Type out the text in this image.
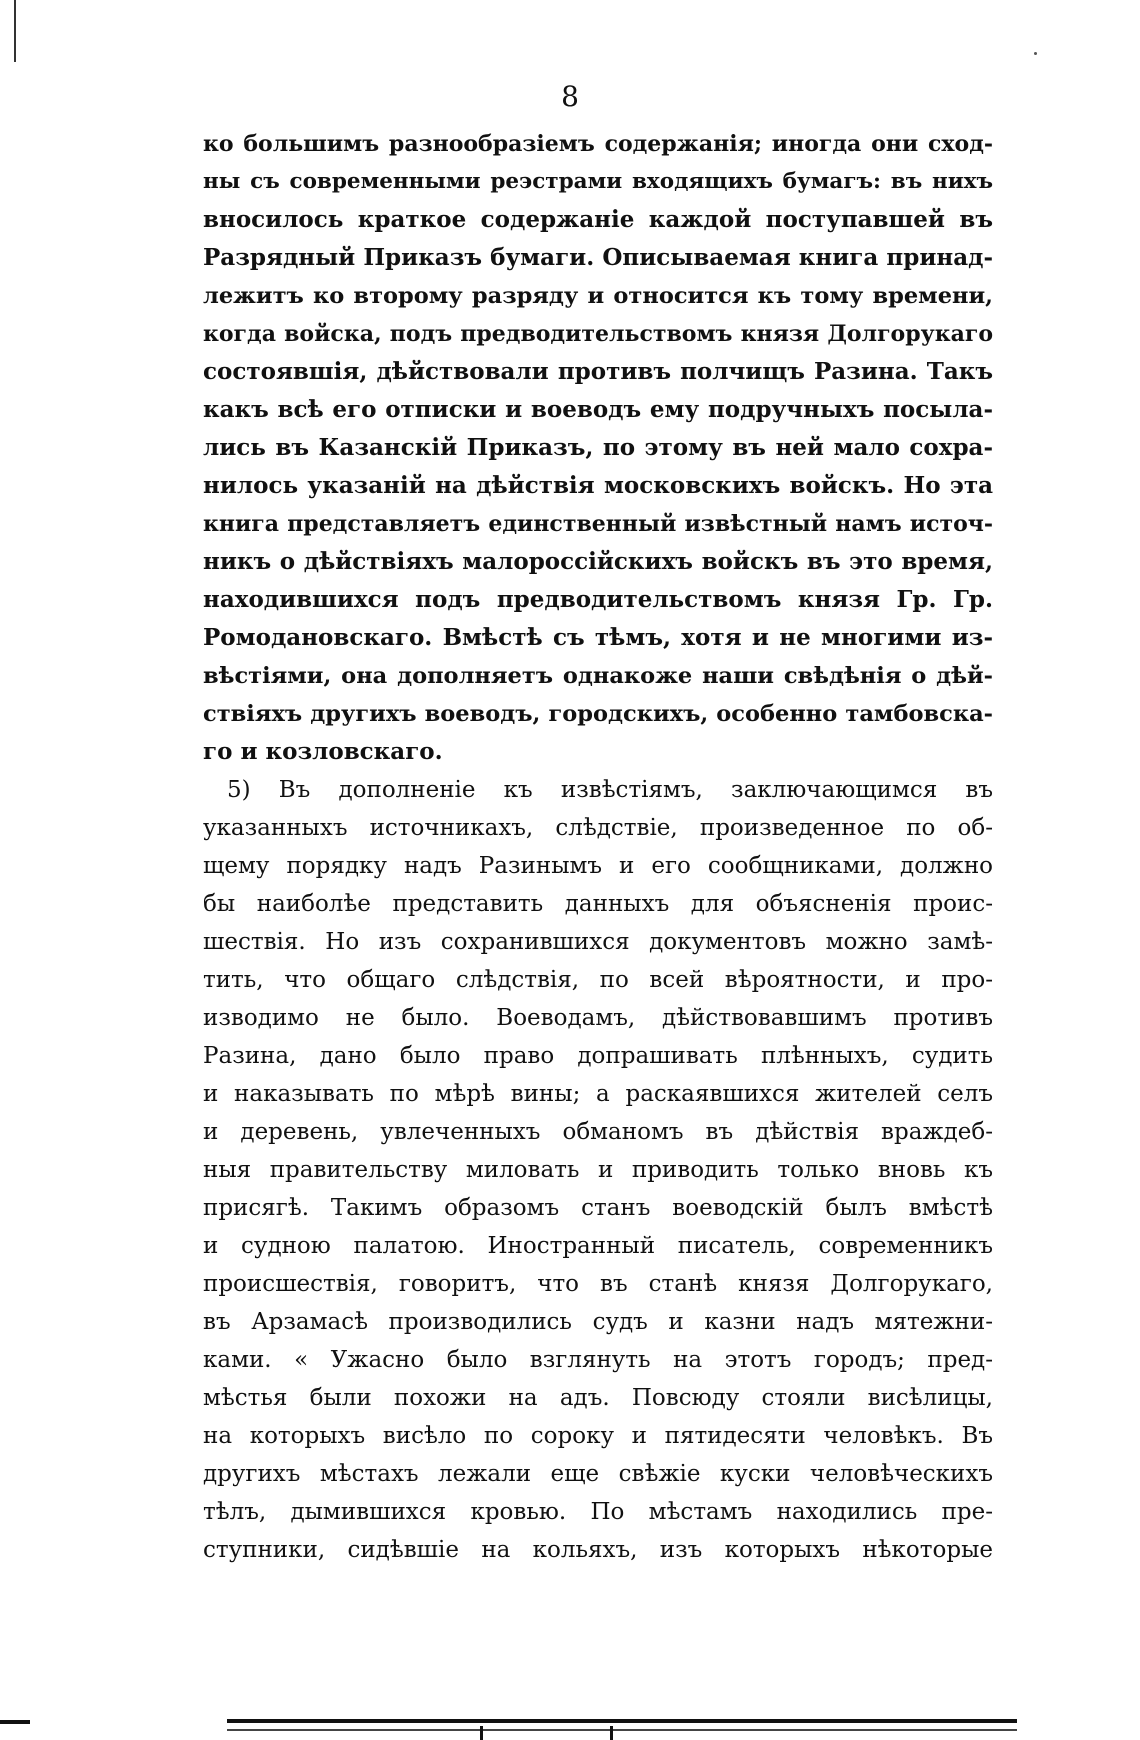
8
ко большимъ разнообразіемъ содержанія; иногда они сход-
ны съ современными реэстрами входящихъ бумагъ: въ нихъ
вносилось краткое содержаніе каждой поступавшей въ
Разрядный Приказъ бумаги. Описываемая книга принад-
лежитъ ко второму разряду и относится къ тому времени,
когда войска, подъ предводительствомъ князя Долгорукаго
состоявшія, дѣйствовали противъ полчищъ Разина. Такъ
какъ всѣ его отписки и воеводъ ему подручныхъ посыла-
лись въ Казанскій Приказъ, по этому въ ней мало сохра-
нилось указаній на дѣйствія московскихъ войскъ. Но эта
книга представляетъ единственный извѣстный намъ источ-
никъ о дѣйствіяхъ малороссійскихъ войскъ въ это время,
находившихся подъ предводительствомъ князя Гр. Гр.
Ромодановскаго. Вмѣстѣ съ тѣмъ, хотя и не многими из-
вѣстіями, она дополняетъ однакоже наши свѣдѣнія о дѣй-
ствіяхъ другихъ воеводъ, городскихъ, особенно тамбовска-
го и козловскаго.
5) Въ дополненіе къ извѣстіямъ, заключающимся въ
указанныхъ источникахъ, слѣдствіе, произведенное по об-
щему порядку надъ Разинымъ и его сообщниками, должно
бы наиболѣе представить данныхъ для объясненія проис-
шествія. Но изъ сохранившихся документовъ можно замѣ-
тить, что общаго слѣдствія, по всей вѣроятности, и про-
изводимо не было. Воеводамъ, дѣйствовавшимъ противъ
Разина, дано было право допрашивать плѣнныхъ, судить
и наказывать по мѣрѣ вины; а раскаявшихся жителей селъ
и деревень, увлеченныхъ обманомъ въ дѣйствія враждеб-
ныя правительству миловать и приводить только вновь къ
присягѣ. Такимъ образомъ станъ воеводскій былъ вмѣстѣ
и судною палатою. Иностранный писатель, современникъ
происшествія, говоритъ, что въ станѣ князя Долгорукаго,
въ Арзамасѣ производились судъ и казни надъ мятежни-
ками. « Ужасно было взглянуть на этотъ городъ; пред-
мѣстья были похожи на адъ. Повсюду стояли висѣлицы,
на которыхъ висѣло по сороку и пятидесяти человѣкъ. Въ
другихъ мѣстахъ лежали еще свѣжіе куски человѣческихъ
тѣлъ, дымившихся кровью. По мѣстамъ находились пре-
ступники, сидѣвшіе на кольяхъ, изъ которыхъ нѣкоторые
